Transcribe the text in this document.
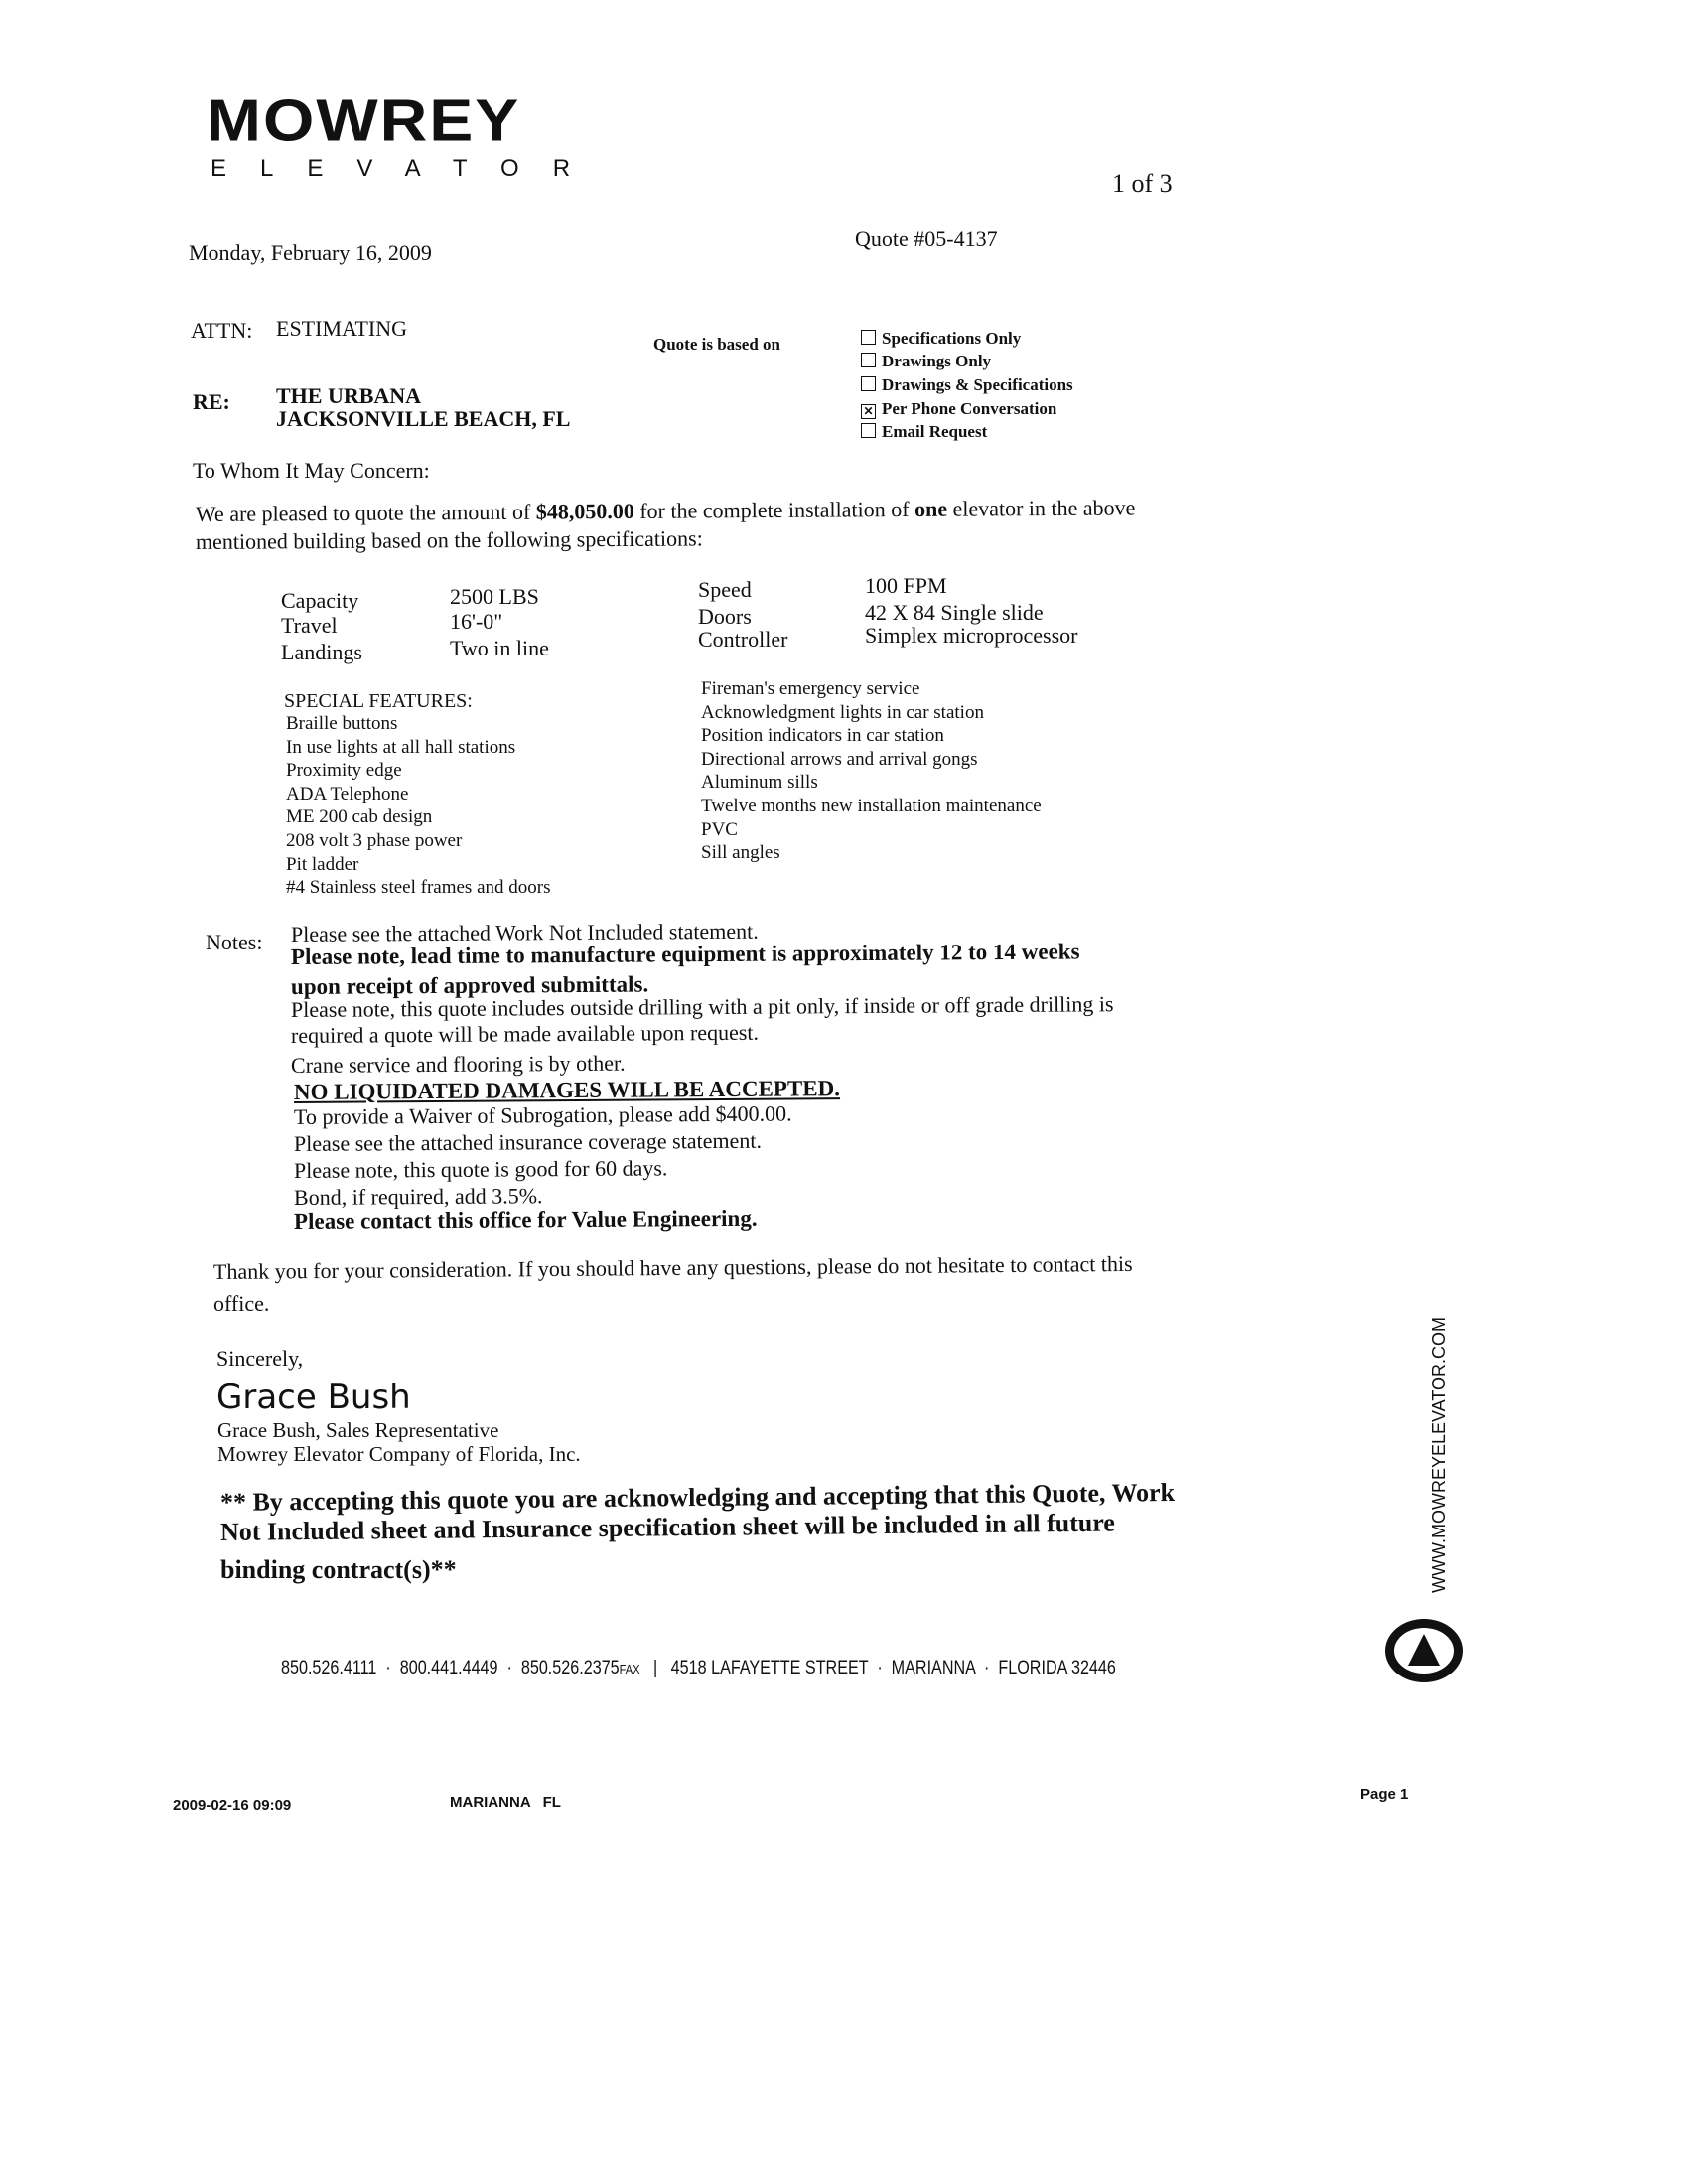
MOWREY
ELEVATOR
1 of 3
Monday, February 16, 2009
Quote #05-4137
ATTN: ESTIMATING
Quote is based on	Specifications Only
Drawings Only
Drawings & Specifications
✕ Per Phone Conversation
Email Request
RE: THE URBANA
JACKSONVILLE BEACH, FL
To Whom It May Concern:
We are pleased to quote the amount of $48,050.00 for the complete installation of one elevator in the above
mentioned building based on the following specifications:
Capacity	2500 LBS
Travel	16'-0"
Landings	Two in line
Speed	100 FPM
Doors	42 X 84 Single slide
Controller	Simplex microprocessor
SPECIAL FEATURES:
Braille buttons
In use lights at all hall stations
Proximity edge
ADA Telephone
ME 200 cab design
208 volt 3 phase power
Pit ladder
#4 Stainless steel frames and doors
Fireman's emergency service
Acknowledgment lights in car station
Position indicators in car station
Directional arrows and arrival gongs
Aluminum sills
Twelve months new installation maintenance
PVC
Sill angles
Notes: Please see the attached Work Not Included statement.
Please note, lead time to manufacture equipment is approximately 12 to 14 weeks
upon receipt of approved submittals.
Please note, this quote includes outside drilling with a pit only, if inside or off grade drilling is
required a quote will be made available upon request.
Crane service and flooring is by other.
NO LIQUIDATED DAMAGES WILL BE ACCEPTED.
To provide a Waiver of Subrogation, please add $400.00.
Please see the attached insurance coverage statement.
Please note, this quote is good for 60 days.
Bond, if required, add 3.5%.
Please contact this office for Value Engineering.
Thank you for your consideration. If you should have any questions, please do not hesitate to contact this
office.
Sincerely,
Grace Bush
Grace Bush, Sales Representative
Mowrey Elevator Company of Florida, Inc.
** By accepting this quote you are acknowledging and accepting that this Quote, Work
Not Included sheet and Insurance specification sheet will be included in all future
binding contract(s)**
850.526.4111  ·  800.441.4449  ·  850.526.2375FAX   |   4518 LAFAYETTE STREET  ·  MARIANNA  ·  FLORIDA 32446
WWW.MOWREYELEVATOR.COM
2009-02-16 09:09	MARIANNA   FL	Page 1
